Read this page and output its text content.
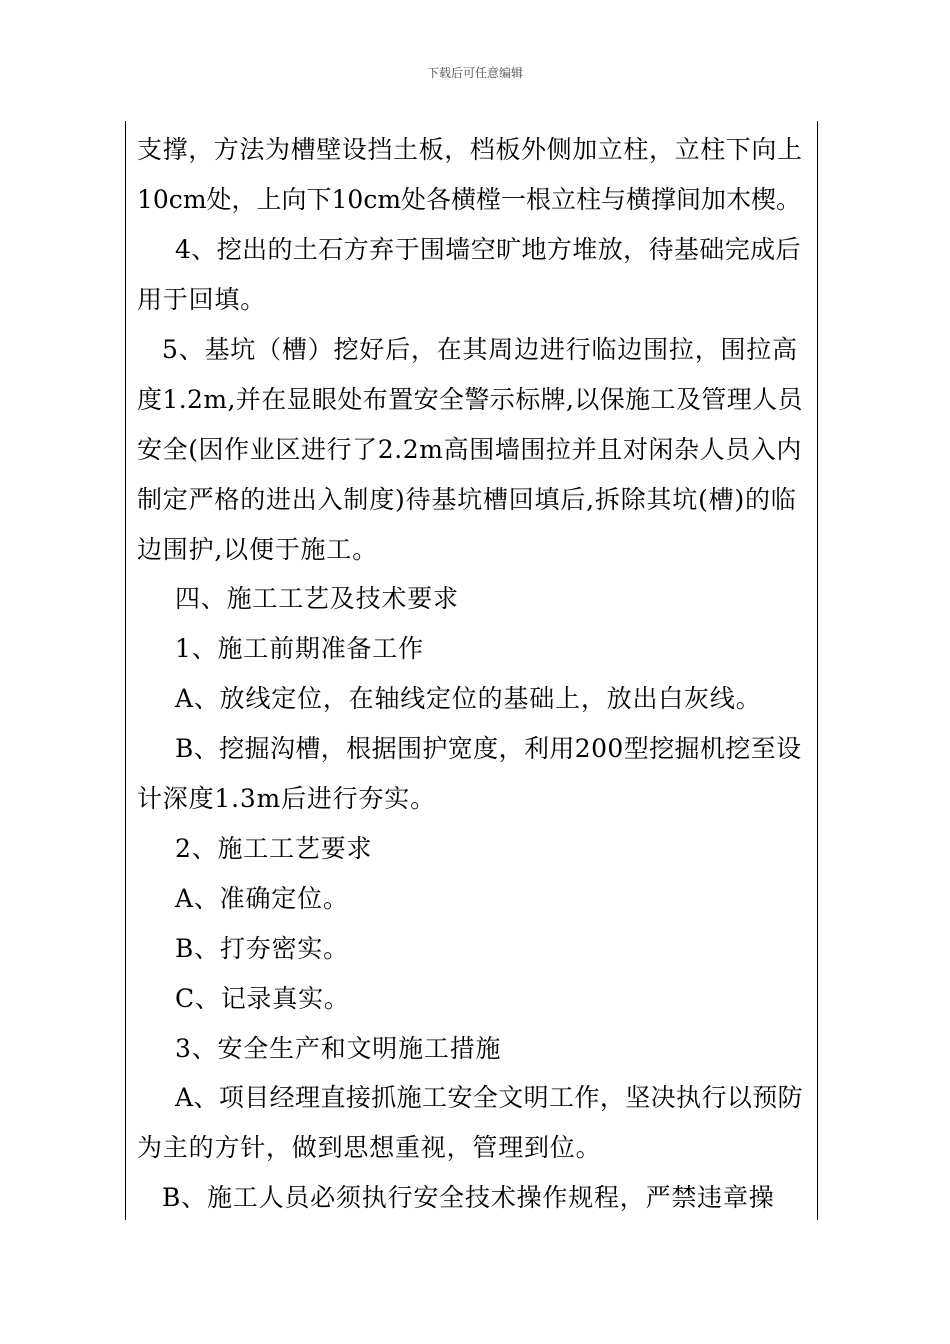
下载后可任意编辑
支撑，方法为槽壁设挡土板，档板外侧加立柱，立柱下向上
10cm处，上向下10cm处各横樘一根立柱与横撑间加木楔。
4、挖出的土石方弃于围墙空旷地方堆放，待基础完成后
用于回填。
5、基坑（槽）挖好后，在其周边进行临边围拉，围拉高
度1.2m,并在显眼处布置安全警示标牌,以保施工及管理人员
安全(因作业区进行了2.2m高围墙围拉并且对闲杂人员入内
制定严格的进出入制度)待基坑槽回填后,拆除其坑(槽)的临
边围护,以便于施工。
四、施工工艺及技术要求
1、施工前期准备工作
A、放线定位，在轴线定位的基础上，放出白灰线。
B、挖掘沟槽，根据围护宽度，利用200型挖掘机挖至设
计深度1.3m后进行夯实。
2、施工工艺要求
A、准确定位。
B、打夯密实。
C、记录真实。
3、安全生产和文明施工措施
A、项目经理直接抓施工安全文明工作，坚决执行以预防
为主的方针，做到思想重视，管理到位。
B、施工人员必须执行安全技术操作规程，严禁违章操
